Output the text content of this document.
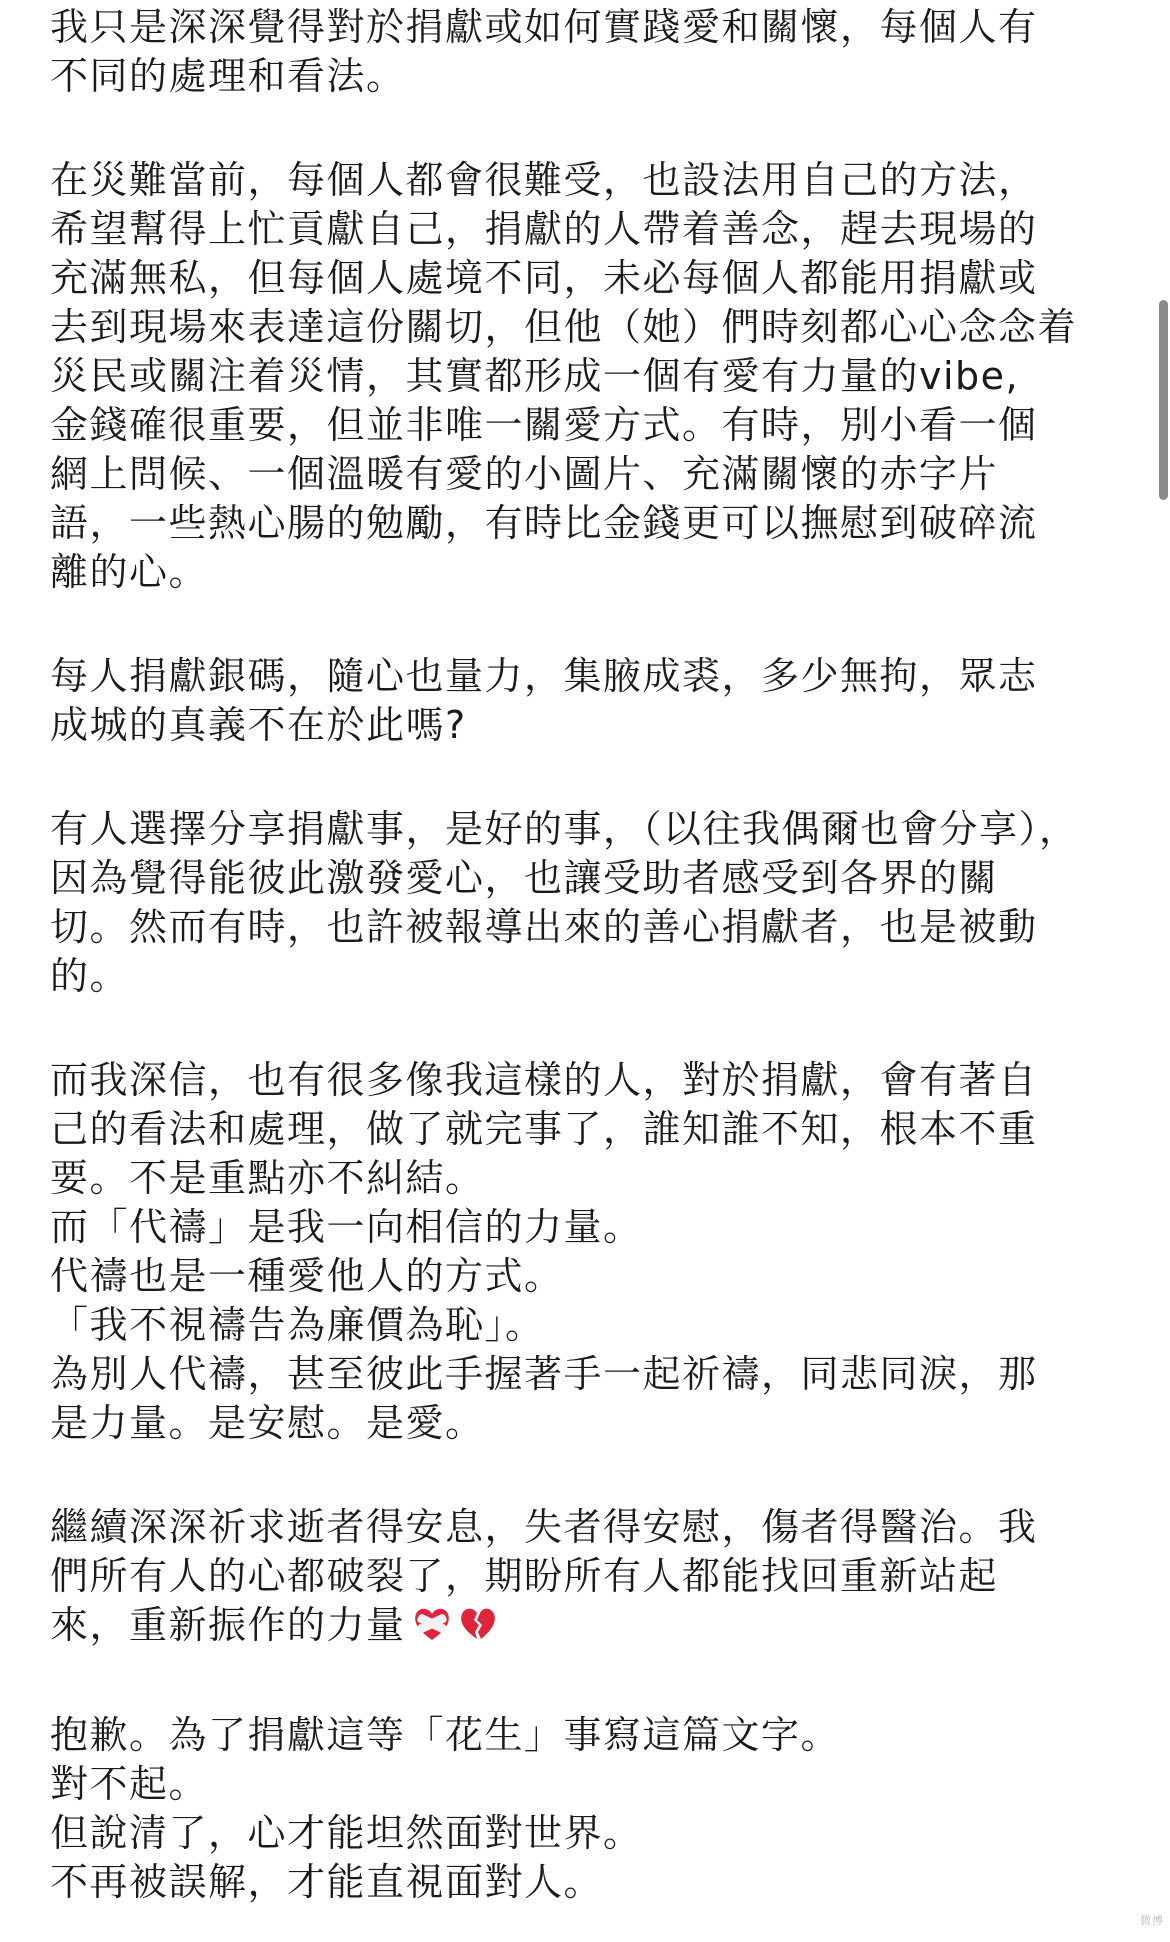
我只是深深覺得對於捐獻或如何實踐愛和關懷，每個人有
不同的處理和看法。

在災難當前，每個人都會很難受，也設法用自己的方法，
希望幫得上忙貢獻自己，捐獻的人帶着善念，趕去現場的
充滿無私，但每個人處境不同，未必每個人都能用捐獻或
去到現場來表達這份關切，但他（她）們時刻都心心念念着
災民或關注着災情，其實都形成一個有愛有力量的vibe,
金錢確很重要，但並非唯一關愛方式。有時，別小看一個
網上問候、一個溫暖有愛的小圖片、充滿關懷的赤字片
語，一些熱心腸的勉勵，有時比金錢更可以撫慰到破碎流
離的心。

每人捐獻銀碼，隨心也量力，集腋成裘，多少無拘，眾志
成城的真義不在於此嗎?

有人選擇分享捐獻事，是好的事，（以往我偶爾也會分享），
因為覺得能彼此激發愛心，也讓受助者感受到各界的關
切。然而有時，也許被報導出來的善心捐獻者，也是被動
的。

而我深信，也有很多像我這樣的人，對於捐獻，會有著自
己的看法和處理，做了就完事了，誰知誰不知，根本不重
要。不是重點亦不糾結。
而「代禱」是我一向相信的力量。
代禱也是一種愛他人的方式。
「我不視禱告為廉價為恥」。
為別人代禱，甚至彼此手握著手一起祈禱，同悲同淚，那
是力量。是安慰。是愛。

繼續深深祈求逝者得安息，失者得安慰，傷者得醫治。我
們所有人的心都破裂了，期盼所有人都能找回重新站起
來，重新振作的力量

抱歉。為了捐獻這等「花生」事寫這篇文字。
對不起。
但說清了，心才能坦然面對世界。
不再被誤解，才能直視面對人。

微博
